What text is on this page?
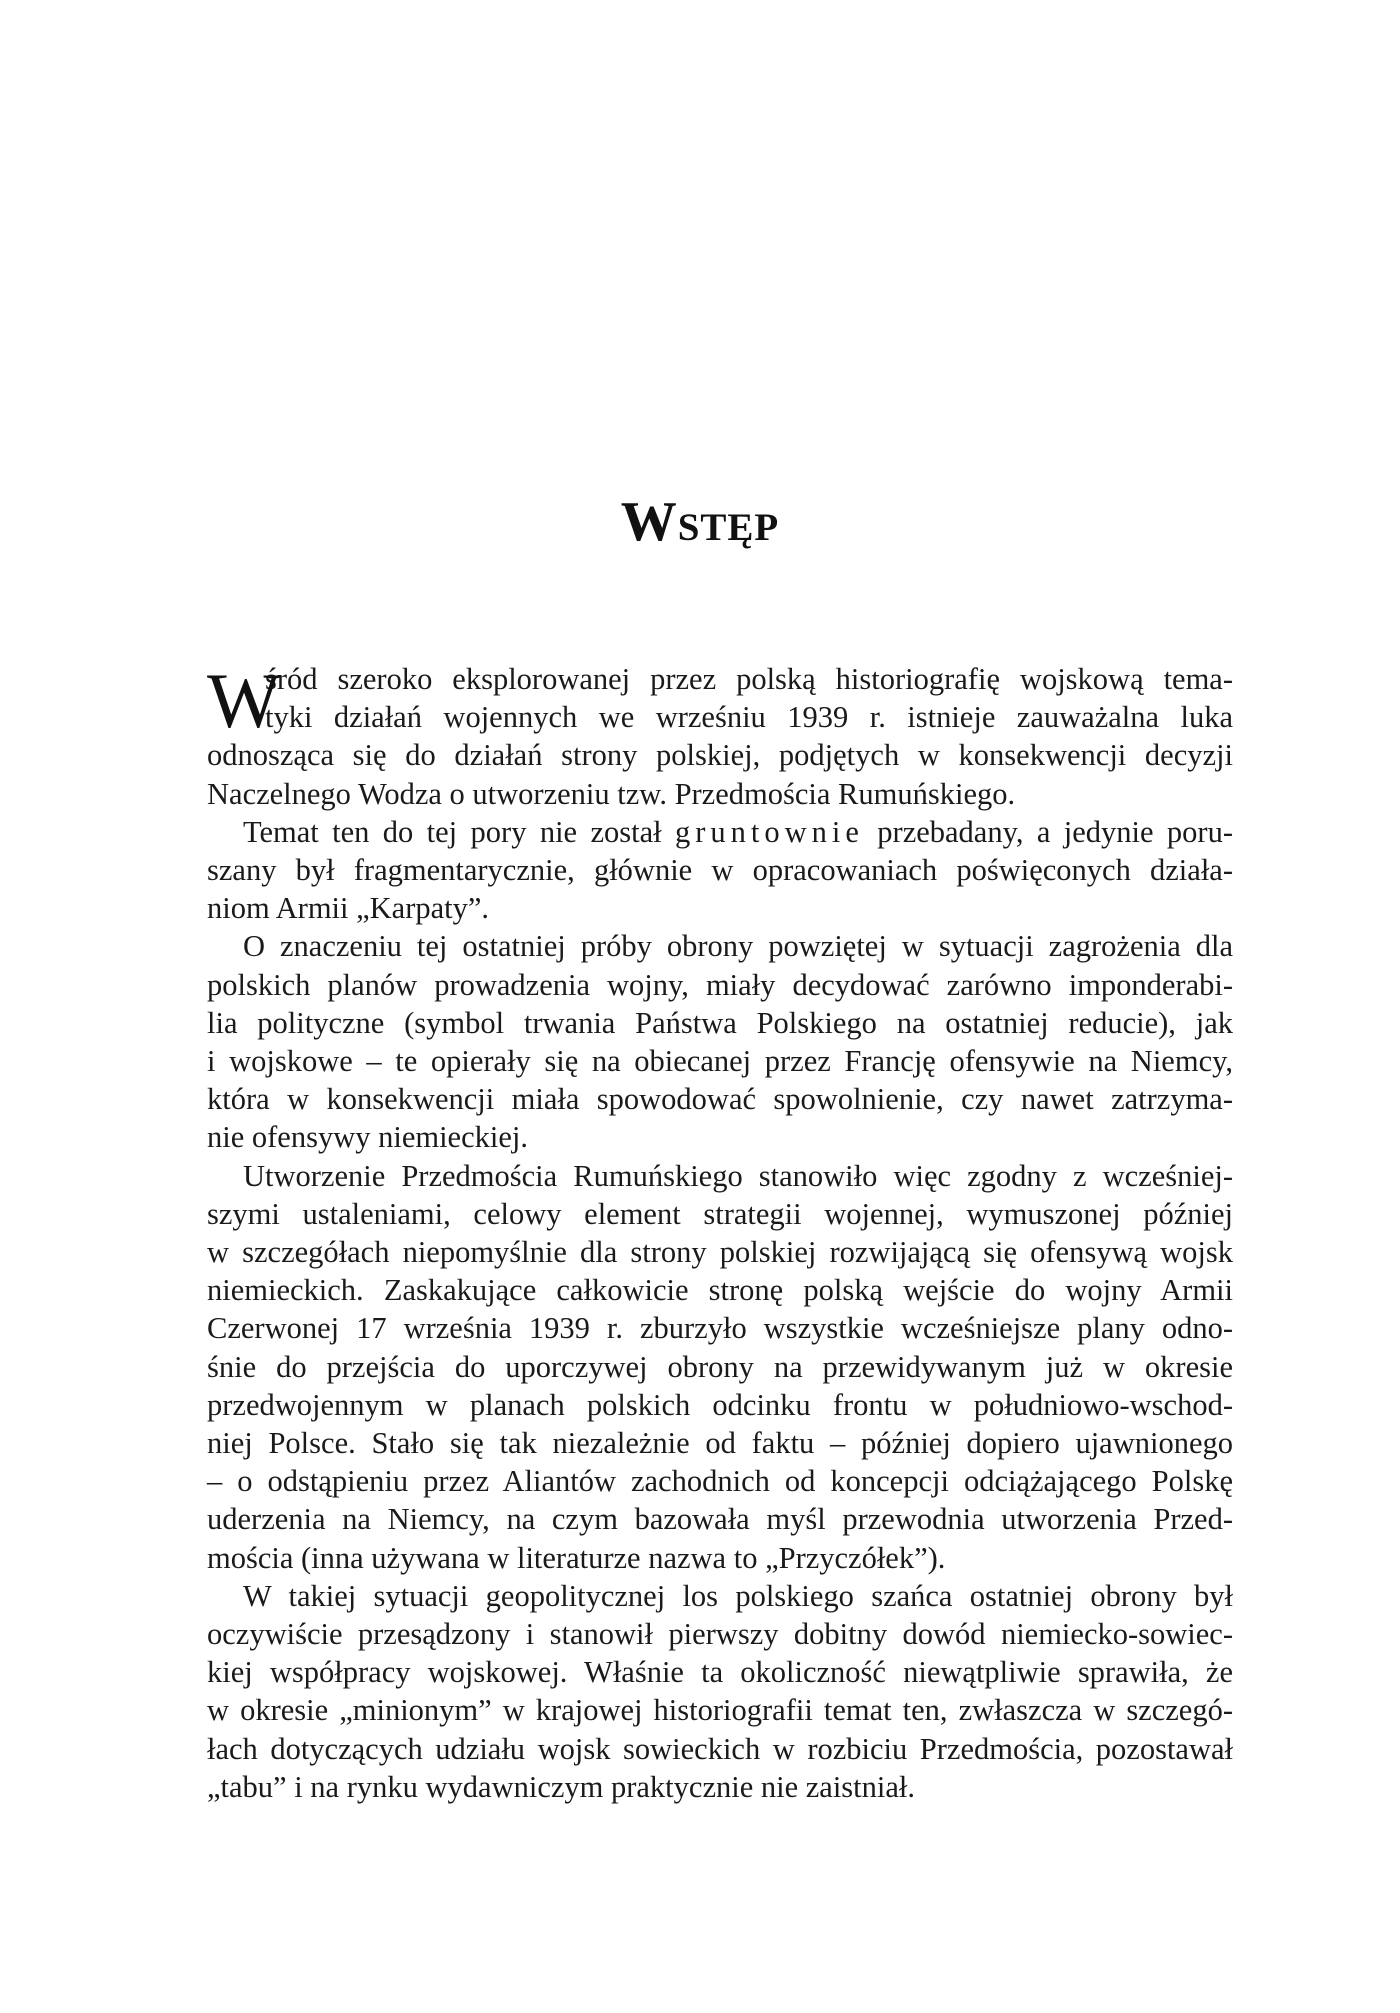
Wstęp
W
śród szeroko eksplorowanej przez polską historiografię wojskową tema-
tyki działań wojennych we wrześniu 1939 r. istnieje zauważalna luka
odnosząca się do działań strony polskiej, podjętych w konsekwencji decyzji
Naczelnego Wodza o utworzeniu tzw. Przedmościa Rumuńskiego.
Temat ten do tej pory nie został gruntownie przebadany, a jedynie poru-
szany był fragmentarycznie, głównie w opracowaniach poświęconych działa-
niom Armii „Karpaty”.
O znaczeniu tej ostatniej próby obrony powziętej w sytuacji zagrożenia dla
polskich planów prowadzenia wojny, miały decydować zarówno imponderabi-
lia polityczne (symbol trwania Państwa Polskiego na ostatniej reducie), jak
i wojskowe – te opierały się na obiecanej przez Francję ofensywie na Niemcy,
która w konsekwencji miała spowodować spowolnienie, czy nawet zatrzyma-
nie ofensywy niemieckiej.
Utworzenie Przedmościa Rumuńskiego stanowiło więc zgodny z wcześniej-
szymi ustaleniami, celowy element strategii wojennej, wymuszonej później
w szczegółach niepomyślnie dla strony polskiej rozwijającą się ofensywą wojsk
niemieckich. Zaskakujące całkowicie stronę polską wejście do wojny Armii
Czerwonej 17 września 1939 r. zburzyło wszystkie wcześniejsze plany odno-
śnie do przejścia do uporczywej obrony na przewidywanym już w okresie
przedwojennym w planach polskich odcinku frontu w południowo-wschod-
niej Polsce. Stało się tak niezależnie od faktu – później dopiero ujawnionego
– o odstąpieniu przez Aliantów zachodnich od koncepcji odciążającego Polskę
uderzenia na Niemcy, na czym bazowała myśl przewodnia utworzenia Przed-
mościa (inna używana w literaturze nazwa to „Przyczółek”).
W takiej sytuacji geopolitycznej los polskiego szańca ostatniej obrony był
oczywiście przesądzony i stanowił pierwszy dobitny dowód niemiecko-sowiec-
kiej współpracy wojskowej. Właśnie ta okoliczność niewątpliwie sprawiła, że
w okresie „minionym” w krajowej historiografii temat ten, zwłaszcza w szczegó-
łach dotyczących udziału wojsk sowieckich w rozbiciu Przedmościa, pozostawał
„tabu” i na rynku wydawniczym praktycznie nie zaistniał.
